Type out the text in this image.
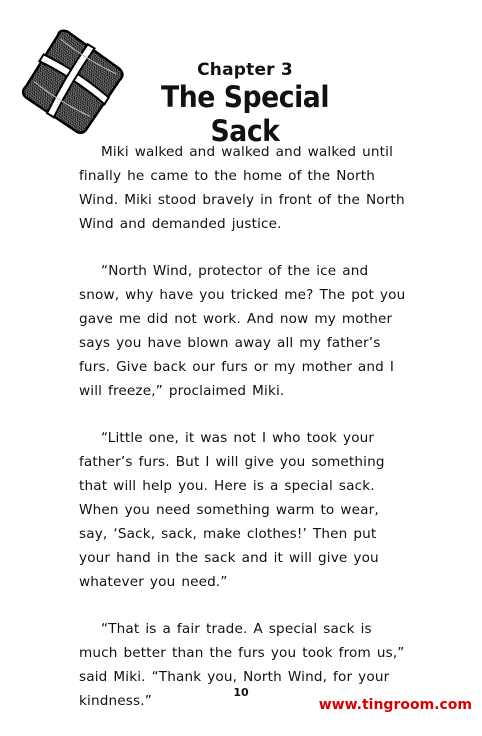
Chapter 3
The Special Sack

Miki walked and walked and walked until finally he came to the home of the North Wind. Miki stood bravely in front of the North Wind and demanded justice.

“North Wind, protector of the ice and snow, why have you tricked me? The pot you gave me did not work. And now my mother says you have blown away all my father’s furs. Give back our furs or my mother and I will freeze,” proclaimed Miki.

“Little one, it was not I who took your father’s furs. But I will give you something that will help you. Here is a special sack. When you need something warm to wear, say, ‘Sack, sack, make clothes!’ Then put your hand in the sack and it will give you whatever you need.”

“That is a fair trade. A special sack is much better than the furs you took from us,” said Miki. “Thank you, North Wind, for your kindness.”

10
www.tingroom.com
